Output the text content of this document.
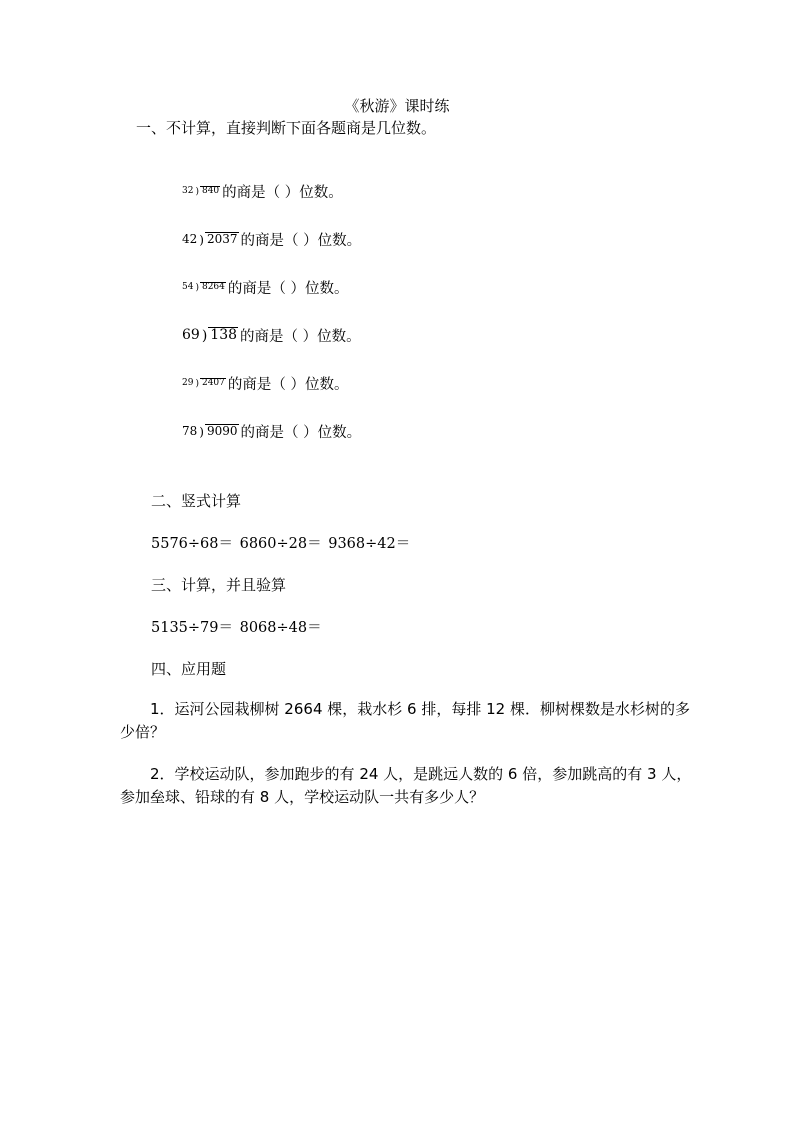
《秋游》课时练
一、不计算，直接判断下面各题商是几位数。
32 ) 840 的商是（ ）位数。
42 ) 2037 的商是（ ）位数。
54 ) 8264 的商是（ ）位数。
69 ) 138 的商是（ ）位数。
29 ) 2407 的商是（ ）位数。
78 ) 9090 的商是（ ）位数。
二、竖式计算
5576÷68＝ 6860÷28＝ 9368÷42＝
三、计算，并且验算
5135÷79＝ 8068÷48＝
四、应用题
1．运河公园栽柳树 2664 棵，栽水杉 6 排，每排 12 棵．柳树棵数是水杉树的多少倍？
2．学校运动队，参加跑步的有 24 人，是跳远人数的 6 倍，参加跳高的有 3 人，参加垒球、铅球的有 8 人，学校运动队一共有多少人？
